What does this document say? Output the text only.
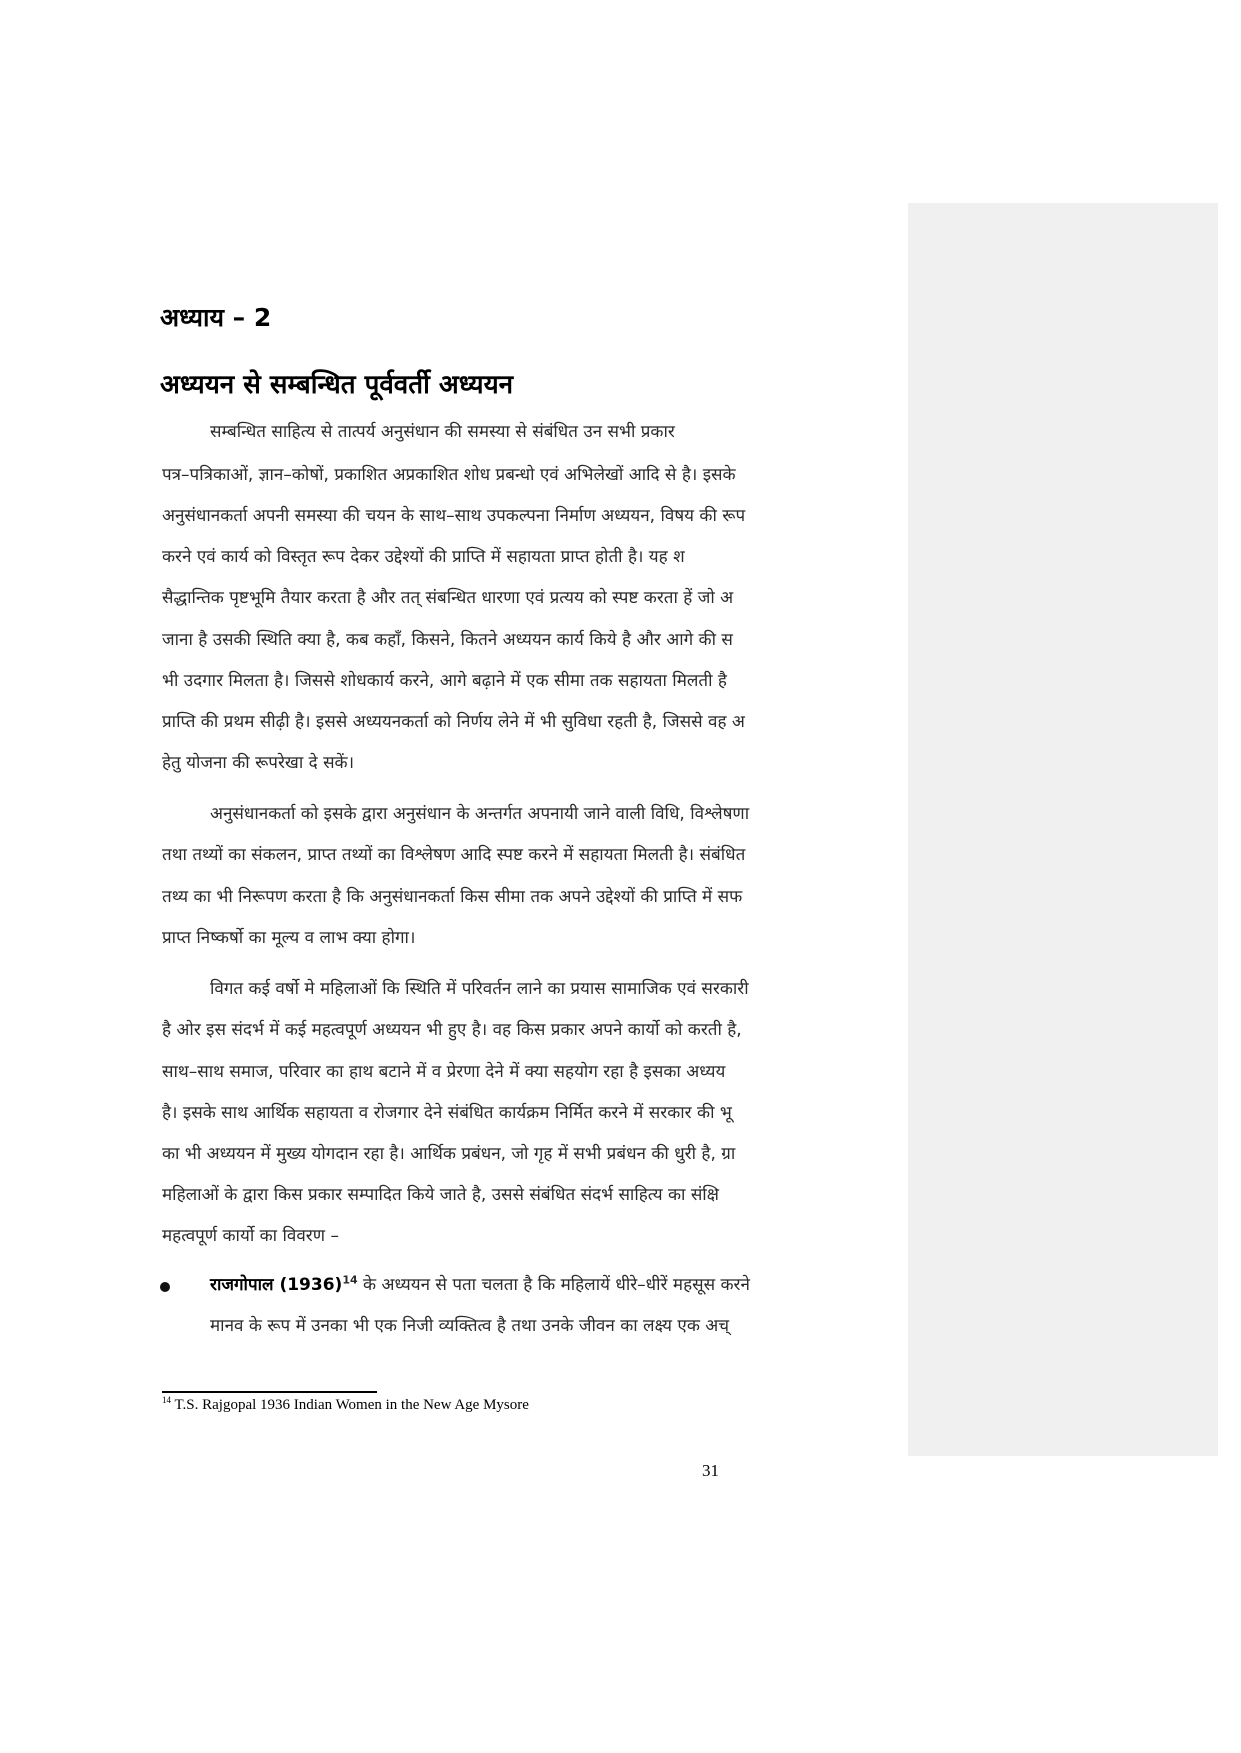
अध्याय – 2
अध्ययन से सम्बन्धित पूर्ववर्ती अध्ययन
सम्बन्धित साहित्य से तात्पर्य अनुसंधान की समस्या से संबंधित उन सभी प्रकार
पत्र–पत्रिकाओं, ज्ञान–कोषों, प्रकाशित अप्रकाशित शोध प्रबन्धो एवं अभिलेखों आदि से है। इसके
अनुसंधानकर्ता अपनी समस्या की चयन के साथ–साथ उपकल्पना निर्माण अध्ययन, विषय की रूप
करने एवं कार्य को विस्तृत रूप देकर उद्देश्यों की प्राप्ति में सहायता प्राप्त होती है। यह श
सैद्धान्तिक पृष्टभूमि तैयार करता है और तत् संबन्धित धारणा एवं प्रत्यय को स्पष्ट करता हें जो अ
जाना है उसकी स्थिति क्या है, कब कहाँ, किसने, कितने अध्ययन कार्य किये है और आगे की स
भी उदगार मिलता है। जिससे शोधकार्य करने, आगे बढ़ाने में एक सीमा तक सहायता मिलती है
प्राप्ति की प्रथम सीढ़ी है। इससे अध्ययनकर्ता को निर्णय लेने में भी सुविधा रहती है, जिससे वह अ
हेतु योजना की रूपरेखा दे सकें।
अनुसंधानकर्ता को इसके द्वारा अनुसंधान के अन्तर्गत अपनायी जाने वाली विधि, विश्लेषणा
तथा तथ्यों का संकलन, प्राप्त तथ्यों का विश्लेषण आदि स्पष्ट करने में सहायता मिलती है। संबंधित
तथ्य का भी निरूपण करता है कि अनुसंधानकर्ता किस सीमा तक अपने उद्देश्यों की प्राप्ति में सफ
प्राप्त निष्कर्षो का मूल्य व लाभ क्या होगा।
विगत कई वर्षो मे महिलाओं कि स्थिति में परिवर्तन लाने का प्रयास सामाजिक एवं सरकारी
है ओर इस संदर्भ में कई महत्वपूर्ण अध्ययन भी हुए है। वह किस प्रकार अपने कार्यो को करती है,
साथ–साथ समाज, परिवार का हाथ बटाने में व प्रेरणा देने में क्या सहयोग रहा है इसका अध्यय
है। इसके साथ आर्थिक सहायता व रोजगार देने संबंधित कार्यक्रम निर्मित करने में सरकार की भू
का भी अध्ययन में मुख्य योगदान रहा है। आर्थिक प्रबंधन, जो गृह में सभी प्रबंधन की धुरी है, ग्रा
महिलाओं के द्वारा किस प्रकार सम्पादित किये जाते है, उससे संबंधित संदर्भ साहित्य का संक्षि
महत्वपूर्ण कार्यो का विवरण –
राजगोपाल $(1936)^{14}$ के अध्ययन से पता चलता है कि महिलायें धीरे–धीरें महसूस करने
मानव के रूप में उनका भी एक निजी व्यक्तित्व है तथा उनके जीवन का लक्ष्य एक अच्
$^{14}$ T.S. Rajgopal 1936 Indian Women in the New Age Mysore
31
